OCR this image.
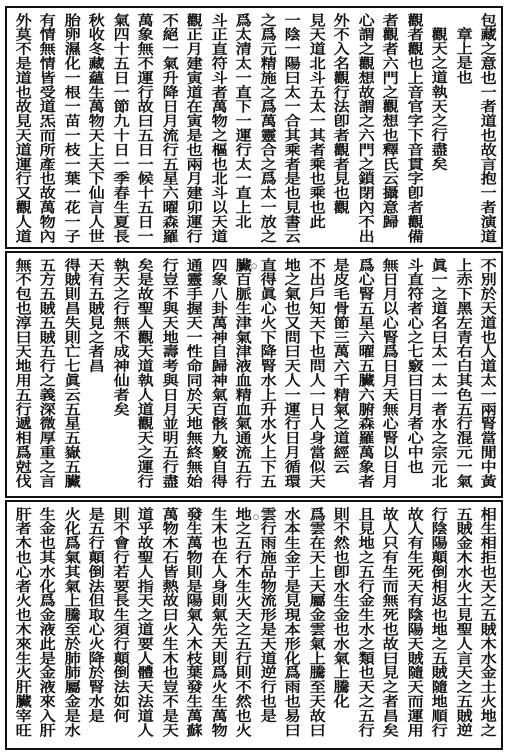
包藏之意也一者道也故言抱一者演道
章上是也
觀天之道執天之行盡矣
觀者觀也上音官字下音貫字卽者觀備
者觀者六門之觀想也釋氏云攝意歸
心謂之觀想故謂之六門之鎖閉內不出
外不入名觀行法卽者觀者見也觀
見天道北斗五太一其者乘也乘也此
一陰一陽曰太一合其乘者是也見書云
之爲元精施之爲萬靈合之爲太一放之
爲太清太一直下一運行太一直上北
斗正直符斗者萬物之樞也北斗以天道
觀正月建寅道在寅是也兩月建卯運行
不絕一氣升降日月流行五星六曜森羅
萬象無不運行故曰五日一候十五日一
氣四十五日一節九十日一季春生夏長
秋收冬藏蘊生萬物天上天下仙言人世
胎卵濕化一根一苗一枝一葉一花一子
有情無情皆受道炁而所產也故萬物內
外莫不是道也故見天道運行又觀人道
不別於天道也人道太一兩腎當閒中黃
上赤下黑左青右白其色五行混元一氣
眞一之道名曰太一太一者水之宗元北
斗直符者心之七竅曰日月者心中也
無日月以心腎爲日月天無心腎以日月
爲心腎五星六曜五臟六腑森羅萬象者
是皮毛骨節三萬六千精氣之道經云
不出戶知天下也問人一日人身當似天
地之氣也又問曰天人一運行日月循環
直得眞心火下降腎水上升水火上下五
臟百脈生津氣津液血精血氣通流五行
四象八卦萬神自歸神氣百骸九竅自得
通靈手握天一性命同於天地無終無始
行豈不與天地壽考與日月並明五行盡
矣是故聖人觀天道執人道觀天之運行
執天之行無不成神仙者矣
天有五賊見之者昌
得賊則昌失則亡七眞云五星五嶽五臟
五方五賊五賊五行之義深微厚重之言
無不包也淳曰天地用五行遞相爲尅伐	○
相生相拒也天之五賊木水金土火地之
五賊金木水火土見聖人言天之五賊逆
行陰陽顛倒相返也地之五賊隨地順行
故人有生死天有陰陽天賊隨天而運用
故人只有生而無死也故曰見之者昌矣
且見地之五行金生水之類也天之五行
則不然也卽水生金也水氣上騰化
爲雲在天上天屬金雲氣上騰至天故曰
水本生金于是見現本形化爲雨也易曰
雲行雨施品物流形是天道逆行也是
地之五行木生火天之五行則不然也火
生木也在人身則氣先天則爲火生萬物
發生萬物則是陽氣入木枝葉發生萬蘇
萬物木石皆熱故曰火生木也豈不是天
道乎故聖人指天之道要人體天法道人
則不會行若要長生須行顛倒法如何
是五行顛倒法但取心火降於腎水是
火化爲氣其氣上騰至於肺肺屬金是水
生金也其水化爲金液此是金液來入肝
肝者木也心者火也木來生火肝臟宰旺	○
